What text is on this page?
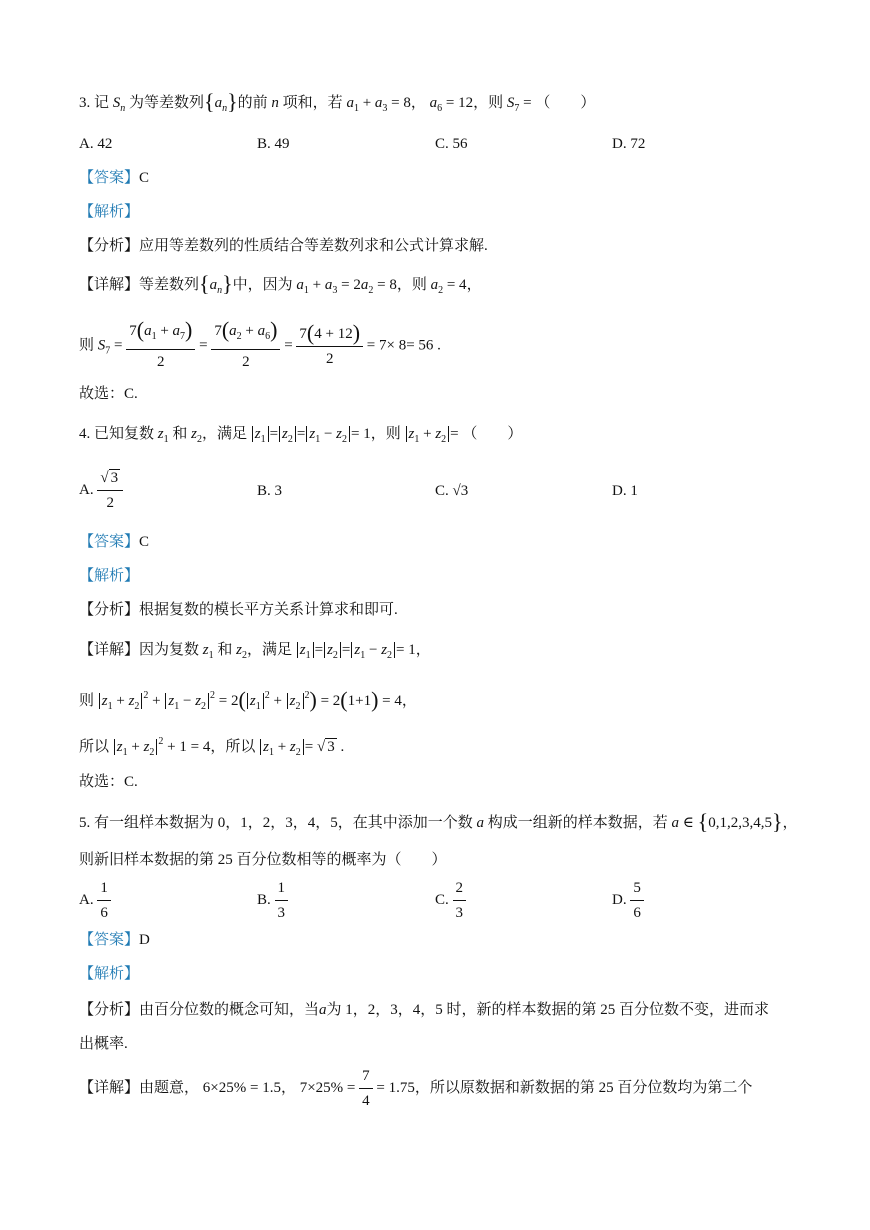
3. 记 $S_n$ 为等差数列$\{a_n\}$的前 n 项和，若 $a_1 + a_3 = 8$， $a_6 = 12$，则 $S_7$ = （　　）
A. 42	B. 49	C. 56	D. 72
【答案】C
【解析】
【分析】应用等差数列的性质结合等差数列求和公式计算求解.
【详解】等差数列$\{a_n\}$中，因为 $a_1 + a_3 = 2a_2 = 8$，则 $a_2 = 4$，
则 $S_7 = \frac{7(a_1 + a_7)}{2} = \frac{7(a_2 + a_6)}{2} = \frac{7(4 + 12)}{2} = 7\times 8= 56$ .
故选：C.
4. 已知复数 $z_1$ 和 $z_2$，满足 $z_1 = z_2 = z_1 - z_2 = 1$，则 $z_1 + z_2$ = （　　）
A. $\frac{√ 3}{2}$	B. 3	C. √3	D. 1
【答案】C
【解析】
【分析】根据复数的模长平方关系计算求和即可.
【详解】因为复数 $z_1$ 和 $z_2$，满足 $z_1 = z_2 = z_1 - z_2 = 1$，
则 $z_1 + z_2^2 + z_1 - z_2^2 = 2$( $z_1^2 + z_2^2) = 2(1+1) = 4$，
所以 $z_1 + z_2^2 + 1 = 4$，所以 $z_1 + z_2$ = √ 3 .
故选：C.
5. 有一组样本数据为 0，1，2，3，4，5，在其中添加一个数 a 构成一组新的样本数据，若 a ∈ {0,1,2,3,4,5}，
则新旧样本数据的第 25 百分位数相等的概率为（　　）
A. $\frac{1}{6}$	B. $\frac{1}{3}$	C. $\frac{2}{3}$	D. $\frac{5}{6}$
【答案】D
【解析】
【分析】由百分位数的概念可知，当a为 1，2，3，4，5 时，新的样本数据的第 25 百分位数不变，进而求
出概率.
【详解】由题意， 6×25% = 1.5， $7\times 25\% = \frac{7}{4} = 1.75$，所以原数据和新数据的第 25 百分位数均为第二个
